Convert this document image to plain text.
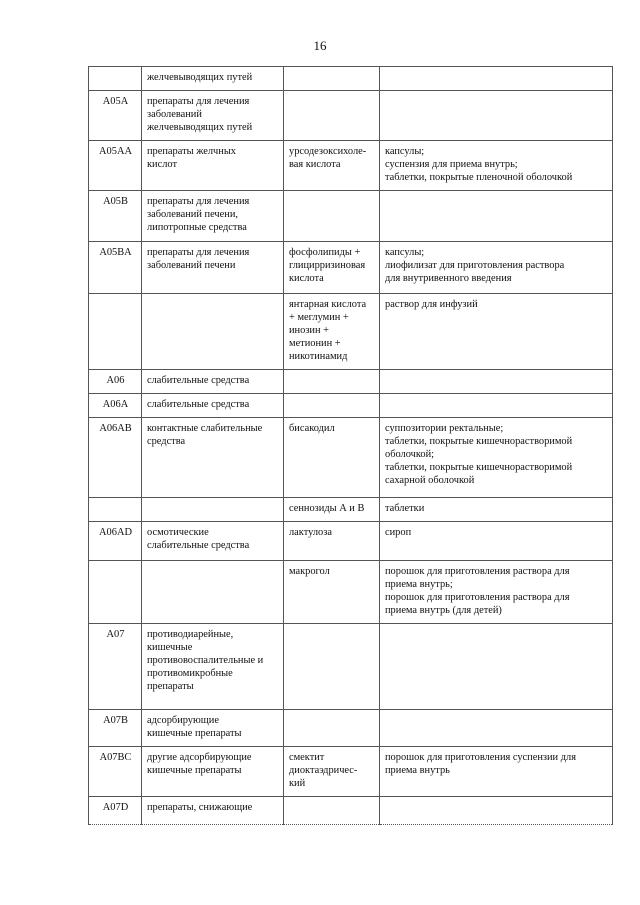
16

	желчевыводящих путей		

A05A	препараты для лечения
заболеваний
желчевыводящих путей		

A05AA	препараты желчных
кислот	урсодезоксихоле-
вая кислота	капсулы;
суспензия для приема внутрь;
таблетки, покрытые пленочной оболочкой

A05B	препараты для лечения
заболеваний печени,
липотропные средства		

A05BA	препараты для лечения
заболеваний печени	фосфолипиды +
глицирризиновая
кислота	капсулы;
лиофилизат для приготовления раствора
для внутривенного введения

		янтарная кислота
+ меглумин +
инозин +
метионин +
никотинамид	раствор для инфузий

A06	слабительные средства		

A06A	слабительные средства		

A06AB	контактные слабительные
средства	бисакодил	суппозитории ректальные;
таблетки, покрытые кишечнорастворимой
оболочкой;
таблетки, покрытые кишечнорастворимой
сахарной оболочкой

		сеннозиды А и В	таблетки

A06AD	осмотические
слабительные средства	лактулоза	сироп

		макрогол	порошок для приготовления раствора для
приема внутрь;
порошок для приготовления раствора для
приема внутрь (для детей)

A07	противодиарейные,
кишечные
противовоспалительные и
противомикробные
препараты		

A07B	адсорбирующие
кишечные препараты		

A07BC	другие адсорбирующие
кишечные препараты	смектит
диоктаэдричес-
кий	порошок для приготовления суспензии для
приема внутрь

A07D	препараты, снижающие		
